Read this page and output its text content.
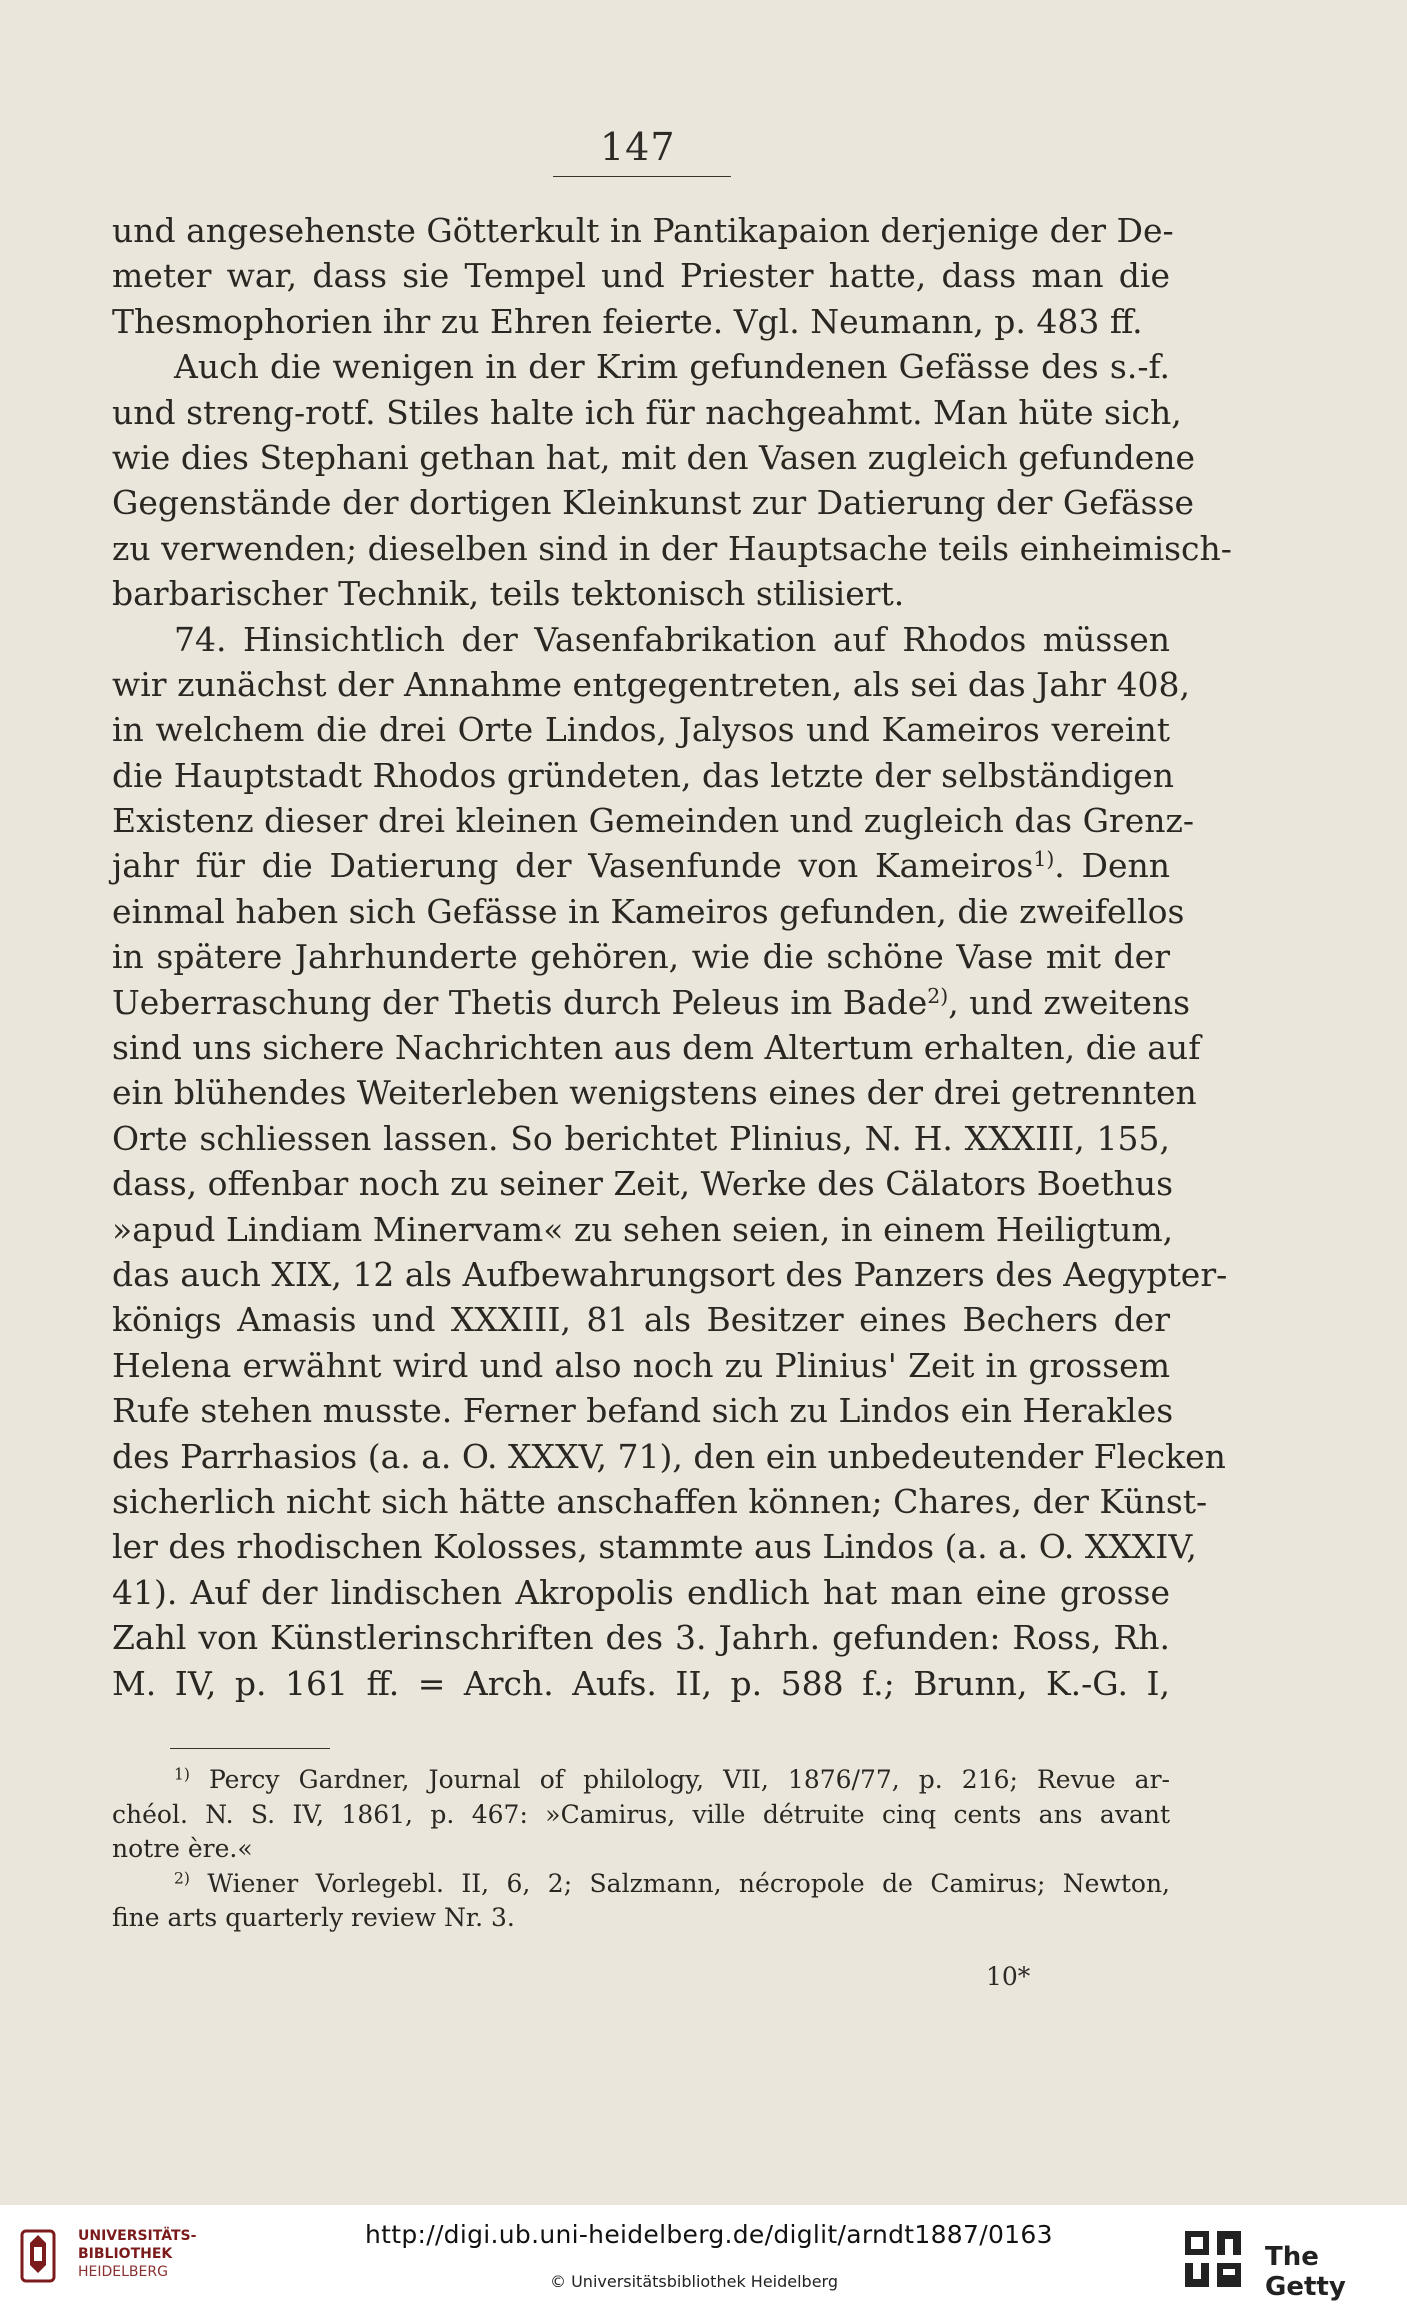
147
und angesehenste Götterkult in Pantikapaion derjenige der De-
meter war, dass sie Tempel und Priester hatte, dass man die
Thesmophorien ihr zu Ehren feierte. Vgl. Neumann, p. 483 ff.
Auch die wenigen in der Krim gefundenen Gefässe des s.-f.
und streng-rotf. Stiles halte ich für nachgeahmt. Man hüte sich,
wie dies Stephani gethan hat, mit den Vasen zugleich gefundene
Gegenstände der dortigen Kleinkunst zur Datierung der Gefässe
zu verwenden; dieselben sind in der Hauptsache teils einheimisch-
barbarischer Technik, teils tektonisch stilisiert.
74. Hinsichtlich der Vasenfabrikation auf Rhodos müssen
wir zunächst der Annahme entgegentreten, als sei das Jahr 408,
in welchem die drei Orte Lindos, Jalysos und Kameiros vereint
die Hauptstadt Rhodos gründeten, das letzte der selbständigen
Existenz dieser drei kleinen Gemeinden und zugleich das Grenz-
jahr für die Datierung der Vasenfunde von Kameiros$^{1)}$. Denn
einmal haben sich Gefässe in Kameiros gefunden, die zweifellos
in spätere Jahrhunderte gehören, wie die schöne Vase mit der
Ueberraschung der Thetis durch Peleus im Bade$^{2)}$, und zweitens
sind uns sichere Nachrichten aus dem Altertum erhalten, die auf
ein blühendes Weiterleben wenigstens eines der drei getrennten
Orte schliessen lassen. So berichtet Plinius, N. H. XXXIII, 155,
dass, offenbar noch zu seiner Zeit, Werke des Cälators Boethus
»apud Lindiam Minervam« zu sehen seien, in einem Heiligtum,
das auch XIX, 12 als Aufbewahrungsort des Panzers des Aegypter-
königs Amasis und XXXIII, 81 als Besitzer eines Bechers der
Helena erwähnt wird und also noch zu Plinius' Zeit in grossem
Rufe stehen musste. Ferner befand sich zu Lindos ein Herakles
des Parrhasios (a. a. O. XXXV, 71), den ein unbedeutender Flecken
sicherlich nicht sich hätte anschaffen können; Chares, der Künst-
ler des rhodischen Kolosses, stammte aus Lindos (a. a. O. XXXIV,
41). Auf der lindischen Akropolis endlich hat man eine grosse
Zahl von Künstlerinschriften des 3. Jahrh. gefunden: Ross, Rh.
M. IV, p. 161 ff. = Arch. Aufs. II, p. 588 f.; Brunn, K.-G. I,
$^{1)}$ Percy Gardner, Journal of philology, VII, 1876/77, p. 216; Revue ar-
chéol. N. S. IV, 1861, p. 467: »Camirus, ville détruite cinq cents ans avant
notre ère.«
$^{2)}$ Wiener Vorlegebl. II, 6, 2; Salzmann, nécropole de Camirus; Newton,
fine arts quarterly review Nr. 3.
10*
UNIVERSITÄTS-
BIBLIOTHEK
HEIDELBERG
http://digi.ub.uni-heidelberg.de/diglit/arndt1887/0163
© Universitätsbibliothek Heidelberg
The Getty
